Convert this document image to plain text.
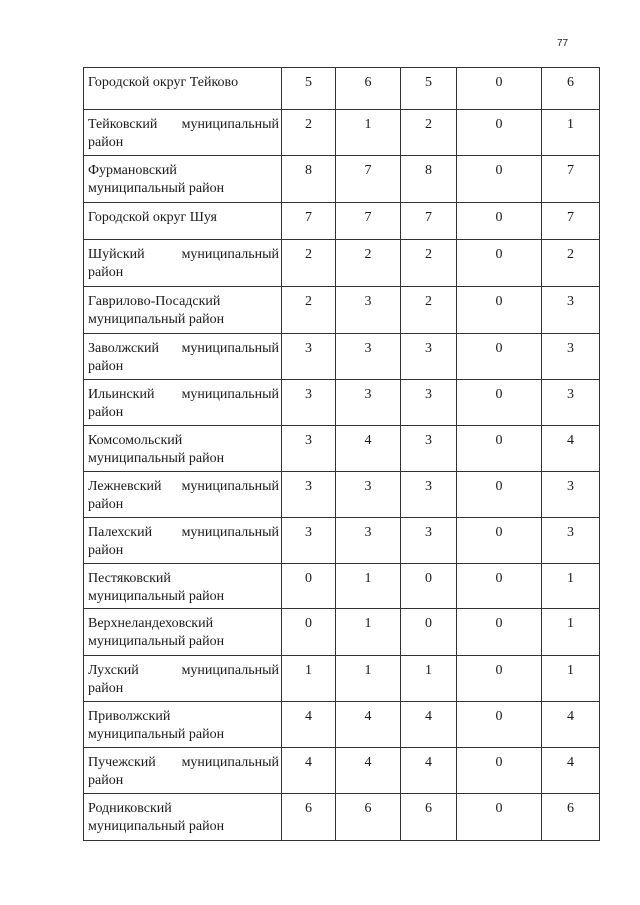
77
Городской округ Тейково	5	6	5	0	6

Тейковский муниципальный
район	2	1	2	0	1

Фурмановский
муниципальный район	8	7	8	0	7

Городской округ Шуя	7	7	7	0	7

Шуйский муниципальный
район	2	2	2	0	2

Гаврилово-Посадский
муниципальный район	2	3	2	0	3

Заволжский муниципальный
район	3	3	3	0	3

Ильинский муниципальный
район	3	3	3	0	3

Комсомольский
муниципальный район	3	4	3	0	4

Лежневский муниципальный
район	3	3	3	0	3

Палехский муниципальный
район	3	3	3	0	3

Пестяковский
муниципальный район	0	1	0	0	1

Верхнеландеховский
муниципальный район	0	1	0	0	1

Лухский муниципальный
район	1	1	1	0	1

Приволжский
муниципальный район	4	4	4	0	4

Пучежский муниципальный
район	4	4	4	0	4

Родниковский
муниципальный район	6	6	6	0	6
